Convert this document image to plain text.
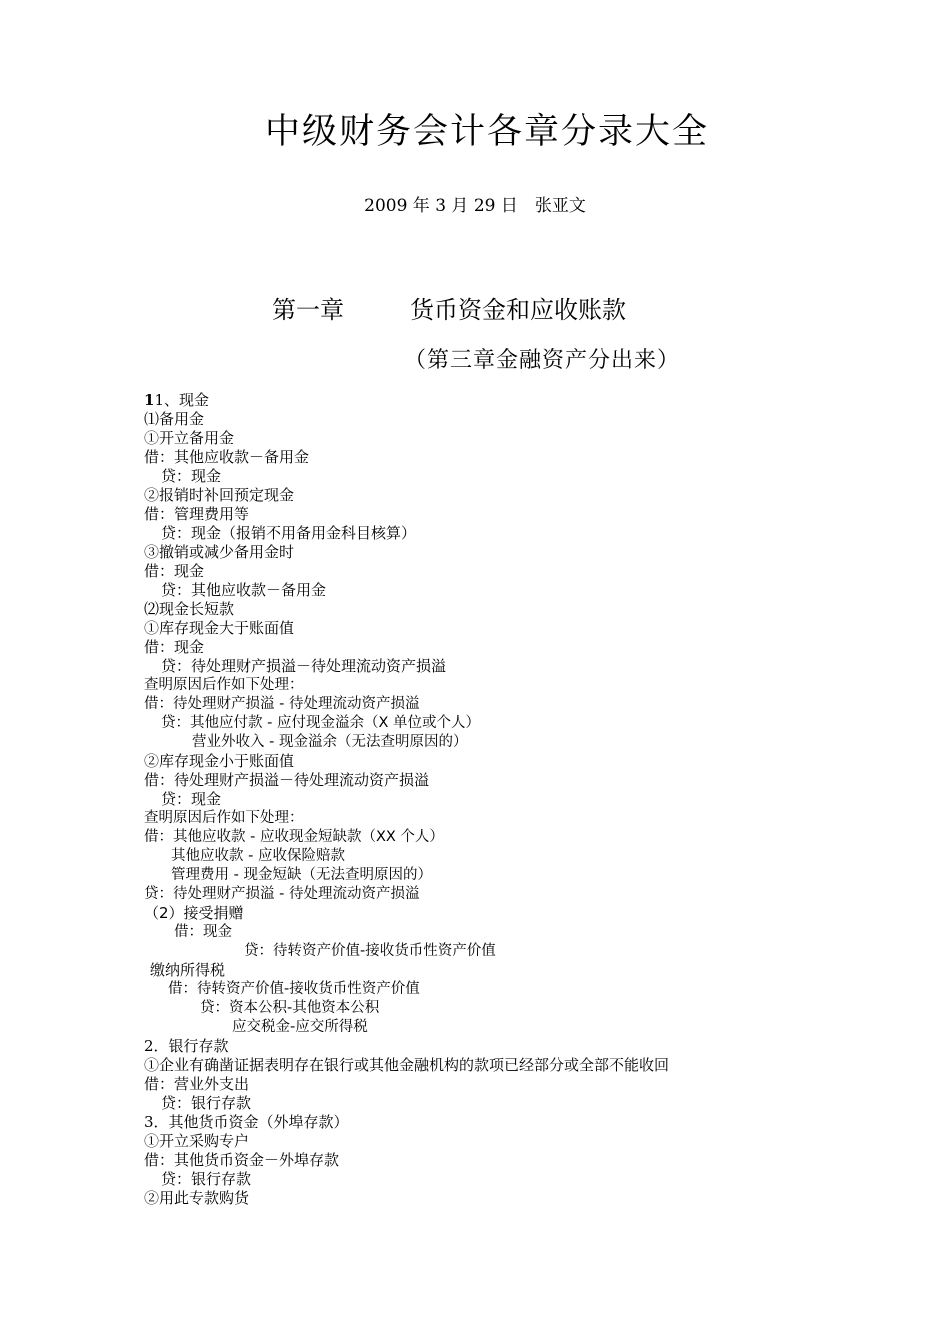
中级财务会计各章分录大全
2009 年 3 月 29 日　张亚文
第一章	货币资金和应收账款
（第三章金融资产分出来）
11、现金
⑴备用金
①开立备用金
借：其他应收款－备用金
贷：现金
②报销时补回预定现金
借：管理费用等
贷：现金（报销不用备用金科目核算）
③撤销或减少备用金时
借：现金
贷：其他应收款－备用金
⑵现金长短款
①库存现金大于账面值
借：现金
贷：待处理财产损溢－待处理流动资产损溢
查明原因后作如下处理：
借：待处理财产损溢 - 待处理流动资产损溢
贷：其他应付款 - 应付现金溢余（X 单位或个人）
营业外收入 - 现金溢余（无法查明原因的）
②库存现金小于账面值
借：待处理财产损溢－待处理流动资产损溢
贷：现金
查明原因后作如下处理：
借：其他应收款 - 应收现金短缺款（XX 个人）
其他应收款 - 应收保险赔款
管理费用 - 现金短缺（无法查明原因的）
贷：待处理财产损溢 - 待处理流动资产损溢
（2）接受捐赠
借：现金
贷：待转资产价值-接收货币性资产价值
缴纳所得税
借：待转资产价值-接收货币性资产价值
贷：资本公积-其他资本公积
应交税金-应交所得税
2．银行存款
①企业有确凿证据表明存在银行或其他金融机构的款项已经部分或全部不能收回
借：营业外支出
贷：银行存款
3．其他货币资金（外埠存款）
①开立采购专户
借：其他货币资金－外埠存款
贷：银行存款
②用此专款购货
